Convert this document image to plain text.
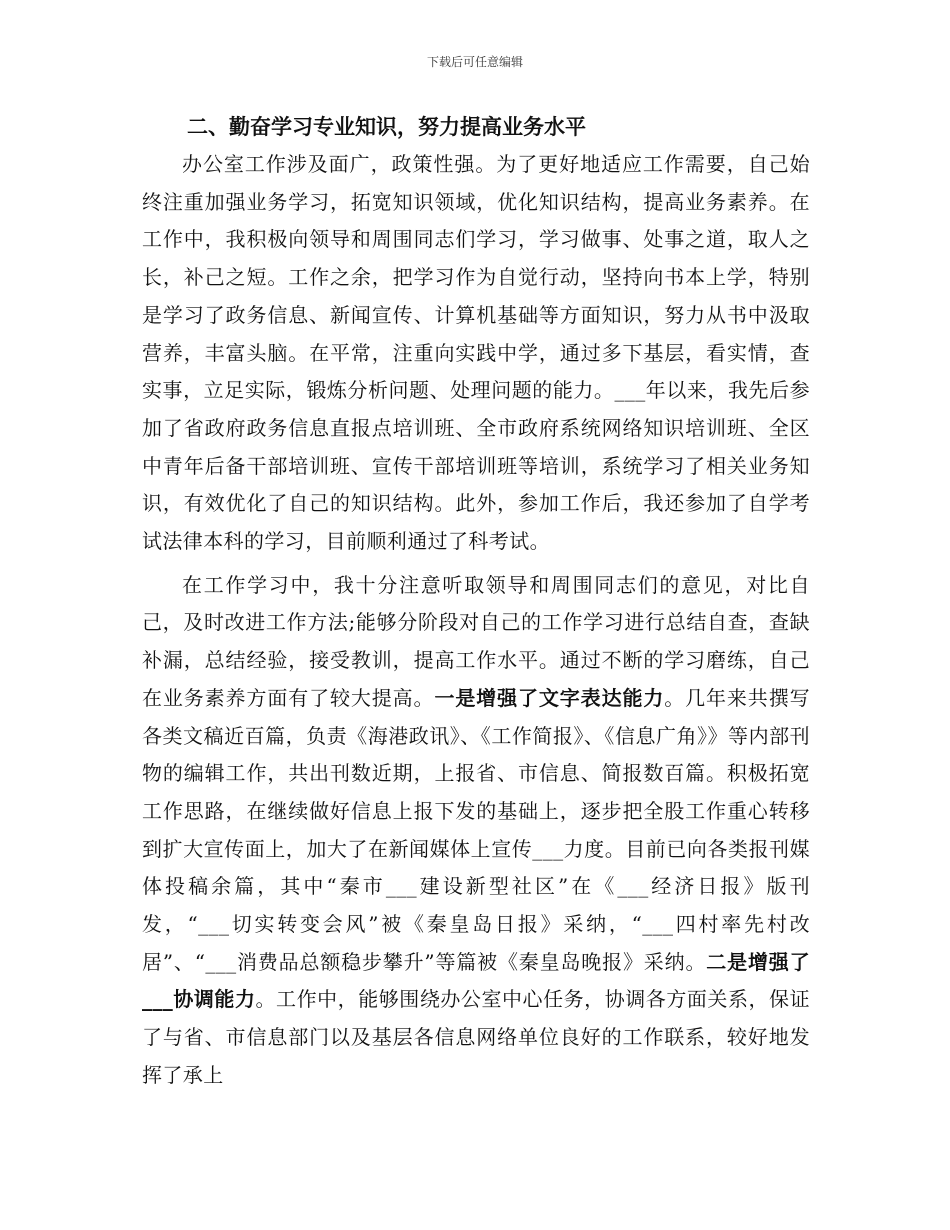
下载后可任意编辑
二、勤奋学习专业知识，努力提高业务水平

办公室工作涉及面广，政策性强。为了更好地适应工作需要，自己始终注重加强业务学习，拓宽知识领域，优化知识结构，提高业务素养。在工作中，我积极向领导和周围同志们学习，学习做事、处事之道，取人之长，补己之短。工作之余，把学习作为自觉行动，坚持向书本上学，特别是学习了政务信息、新闻宣传、计算机基础等方面知识，努力从书中汲取营养，丰富头脑。在平常，注重向实践中学，通过多下基层，看实情，查实事，立足实际，锻炼分析问题、处理问题的能力。___年以来，我先后参加了省政府政务信息直报点培训班、全市政府系统网络知识培训班、全区中青年后备干部培训班、宣传干部培训班等培训，系统学习了相关业务知识，有效优化了自己的知识结构。此外，参加工作后，我还参加了自学考试法律本科的学习，目前顺利通过了科考试。

在工作学习中，我十分注意听取领导和周围同志们的意见，对比自己，及时改进工作方法;能够分阶段对自己的工作学习进行总结自查，查缺补漏，总结经验，接受教训，提高工作水平。通过不断的学习磨练，自己在业务素养方面有了较大提高。一是增强了文字表达能力。几年来共撰写各类文稿近百篇，负责《海港政讯》、《工作简报》、《信息广角》》等内部刊物的编辑工作，共出刊数近期，上报省、市信息、简报数百篇。积极拓宽工作思路，在继续做好信息上报下发的基础上，逐步把全股工作重心转移到扩大宣传面上，加大了在新闻媒体上宣传___力度。目前已向各类报刊媒体投稿余篇，其中“秦市___建设新型社区”在《___经济日报》版刊发，“___切实转变会风”被《秦皇岛日报》采纳，“___四村率先村改居”、“___消费品总额稳步攀升”等篇被《秦皇岛晚报》采纳。二是增强了___协调能力。工作中，能够围绕办公室中心任务，协调各方面关系，保证了与省、市信息部门以及基层各信息网络单位良好的工作联系，较好地发挥了承上
